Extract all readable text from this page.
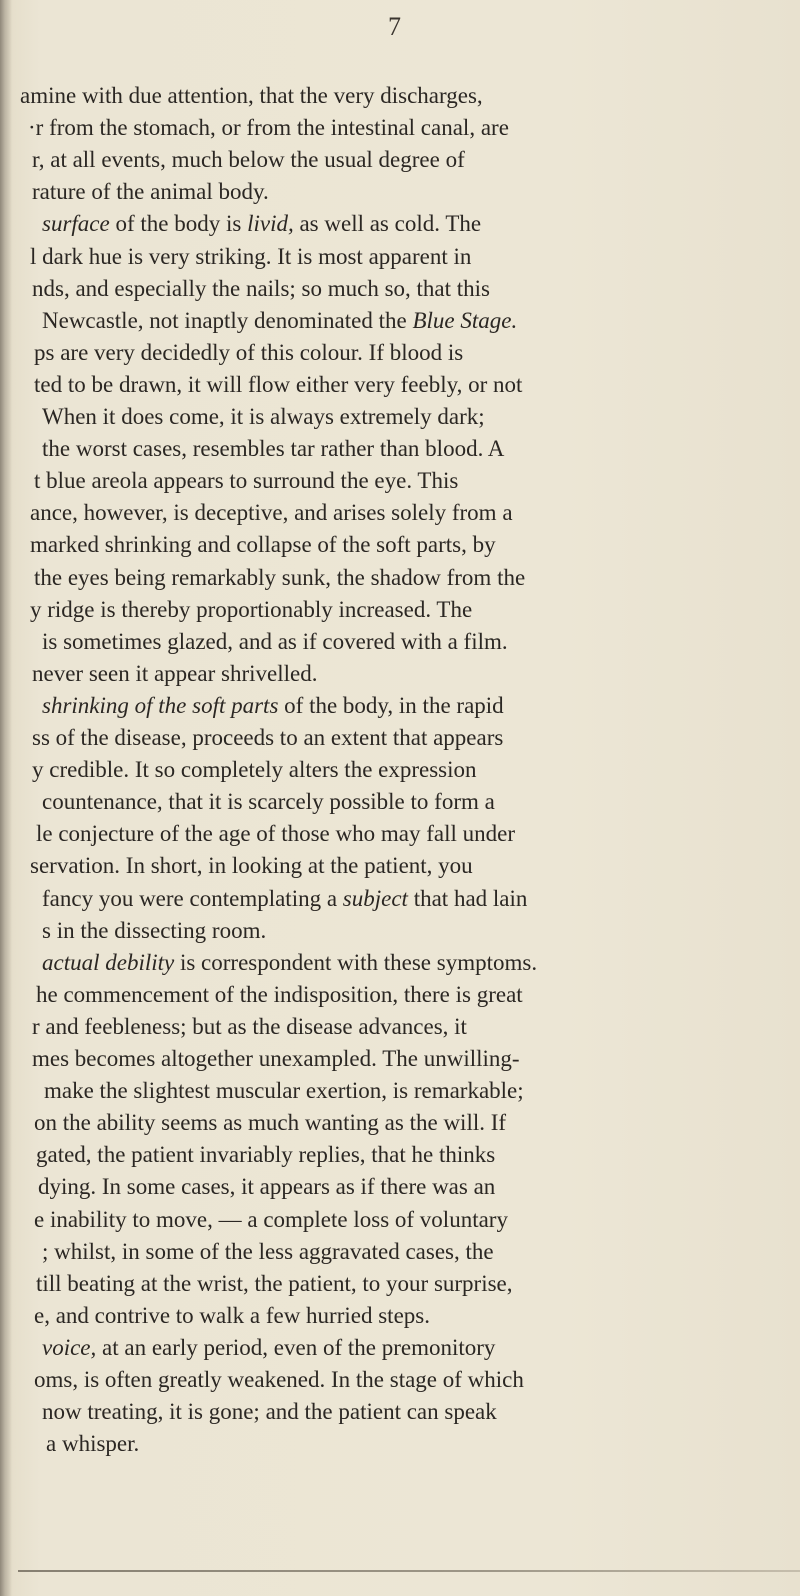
7
amine with due attention, that the very discharges,
·r from the stomach, or from the intestinal canal, are
r, at all events, much below the usual degree of
rature of the animal body.
surface of the body is livid, as well as cold. The
l dark hue is very striking. It is most apparent in
nds, and especially the nails; so much so, that this
Newcastle, not inaptly denominated the Blue Stage.
ps are very decidedly of this colour. If blood is
ted to be drawn, it will flow either very feebly, or not
When it does come, it is always extremely dark;
the worst cases, resembles tar rather than blood. A
t blue areola appears to surround the eye. This
ance, however, is deceptive, and arises solely from a
marked shrinking and collapse of the soft parts, by
the eyes being remarkably sunk, the shadow from the
y ridge is thereby proportionably increased. The
is sometimes glazed, and as if covered with a film.
never seen it appear shrivelled.
shrinking of the soft parts of the body, in the rapid
ss of the disease, proceeds to an extent that appears
y credible. It so completely alters the expression
countenance, that it is scarcely possible to form a
le conjecture of the age of those who may fall under
servation. In short, in looking at the patient, you
fancy you were contemplating a subject that had lain
s in the dissecting room.
actual debility is correspondent with these symptoms.
he commencement of the indisposition, there is great
r and feebleness; but as the disease advances, it
mes becomes altogether unexampled. The unwilling-
make the slightest muscular exertion, is remarkable;
on the ability seems as much wanting as the will. If
gated, the patient invariably replies, that he thinks
dying. In some cases, it appears as if there was an
e inability to move, — a complete loss of voluntary
; whilst, in some of the less aggravated cases, the
till beating at the wrist, the patient, to your surprise,
e, and contrive to walk a few hurried steps.
voice, at an early period, even of the premonitory
oms, is often greatly weakened. In the stage of which
now treating, it is gone; and the patient can speak
a whisper.
